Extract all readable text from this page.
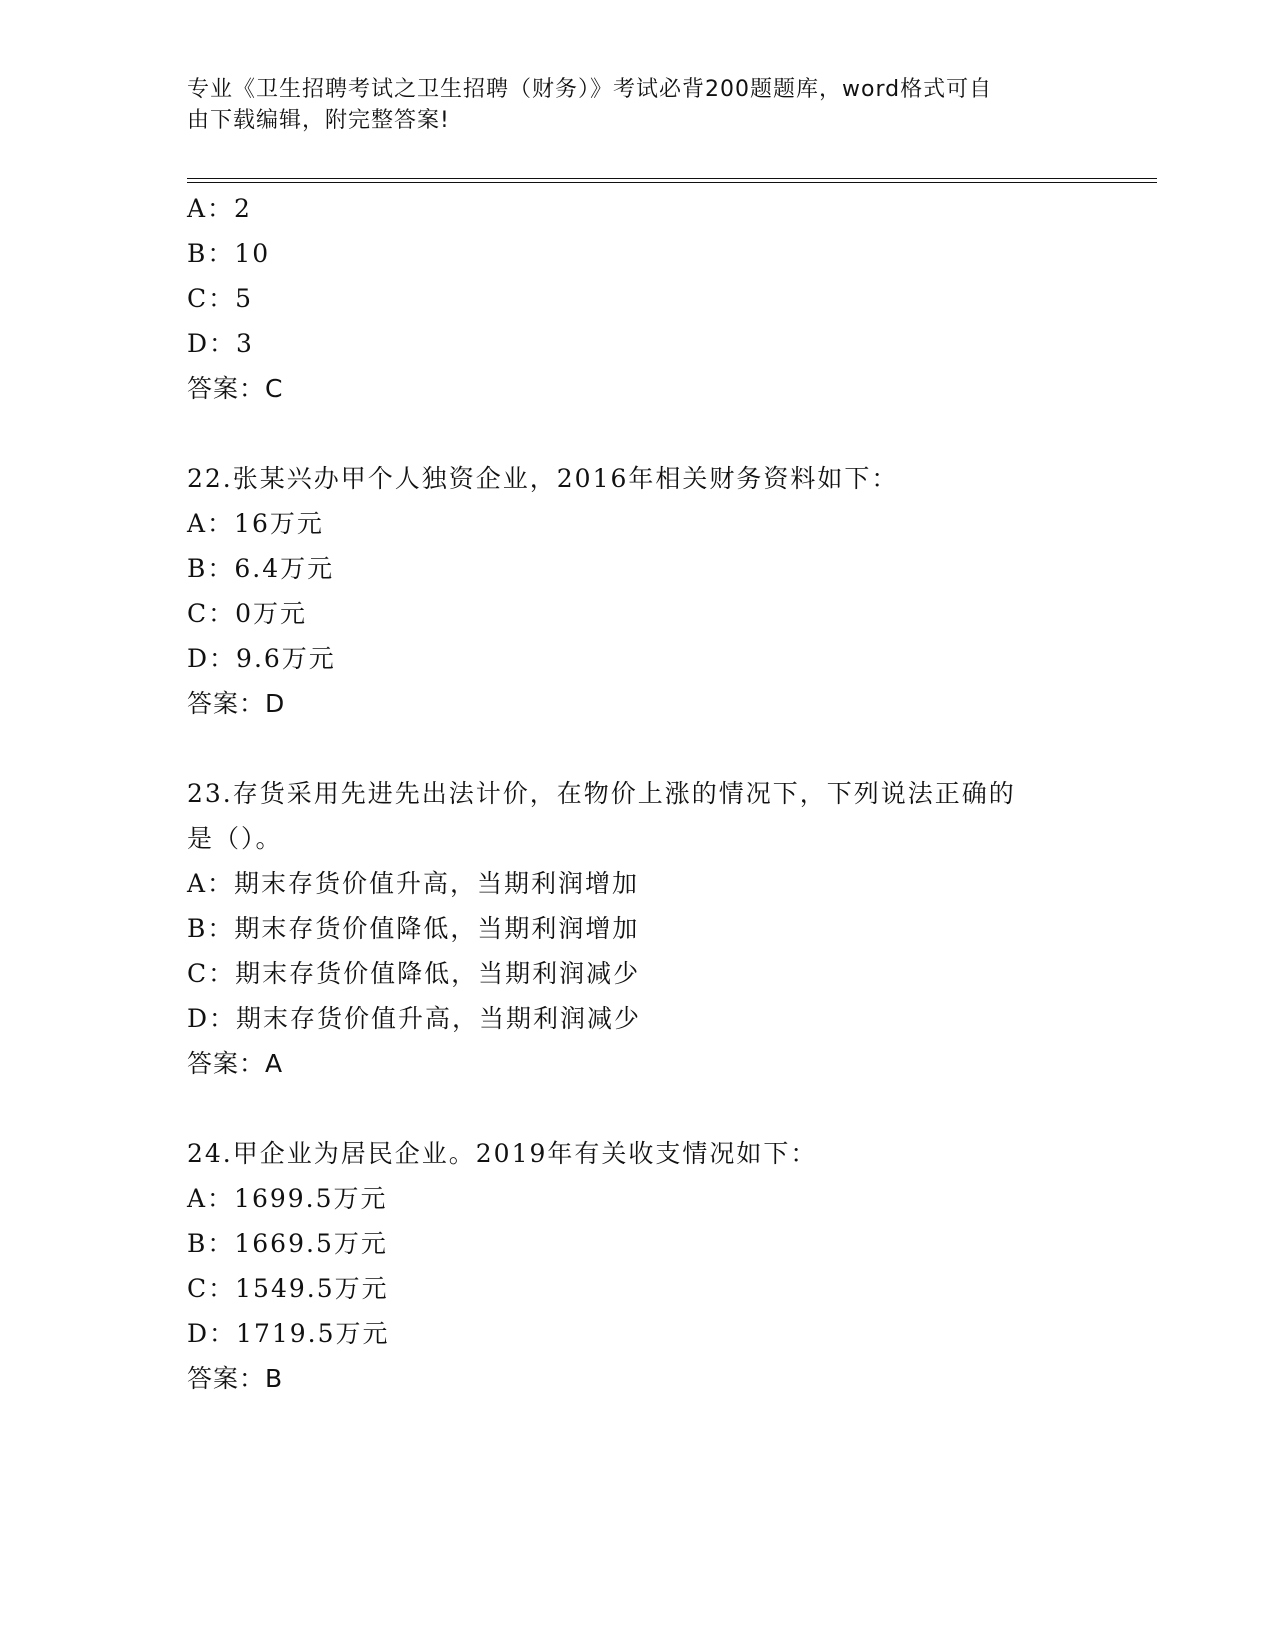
专业《卫生招聘考试之卫生招聘（财务）》考试必背200题题库，word格式可自
由下载编辑，附完整答案!
A：2
B：10
C：5
D：3
答案：C
22.张某兴办甲个人独资企业，2016年相关财务资料如下：
A：16万元
B：6.4万元
C：0万元
D：9.6万元
答案：D
23.存货采用先进先出法计价，在物价上涨的情况下，下列说法正确的
是（）。
A：期末存货价值升高，当期利润增加
B：期末存货价值降低，当期利润增加
C：期末存货价值降低，当期利润减少
D：期末存货价值升高，当期利润减少
答案：A
24.甲企业为居民企业。2019年有关收支情况如下：
A：1699.5万元
B：1669.5万元
C：1549.5万元
D：1719.5万元
答案：B
